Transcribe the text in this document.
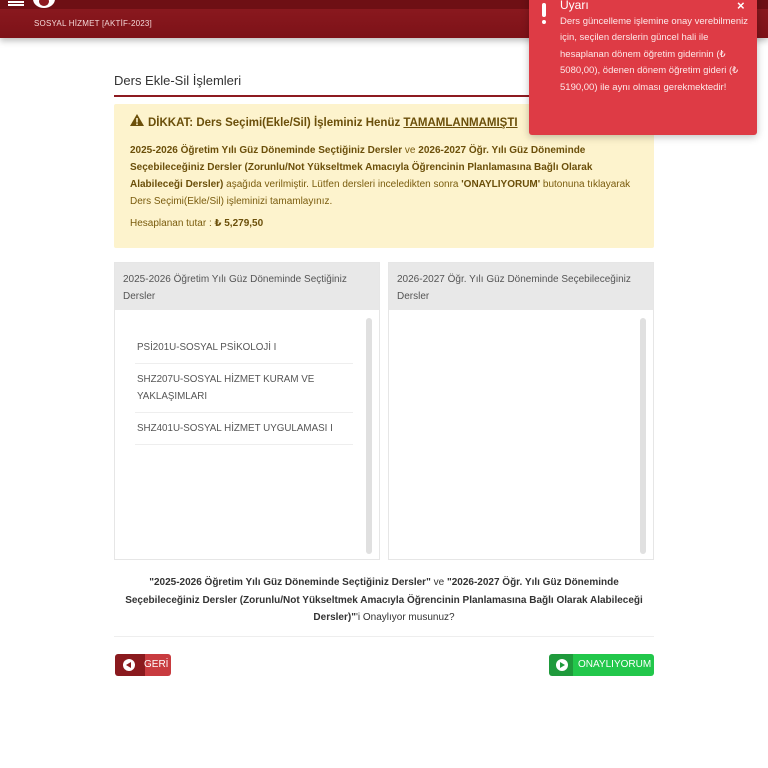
SOSYAL HİZMET [AKTİF-2023]
Ders Ekle-Sil İşlemleri
DİKKAT: Ders Seçimi(Ekle/Sil) İşleminiz Henüz TAMAMLANMAMIŞTI
2025-2026 Öğretim Yılı Güz Döneminde Seçtiğiniz Dersler ve 2026-2027 Öğr. Yılı Güz Döneminde Seçebileceğiniz Dersler (Zorunlu/Not Yükseltmek Amacıyla Öğrencinin Planlamasına Bağlı Olarak Alabileceği Dersler) aşağıda verilmiştir. Lütfen dersleri inceledikten sonra 'ONAYLIYORUM' butonuna tıklayarak Ders Seçimi(Ekle/Sil) işleminizi tamamlayınız.
Hesaplanan tutar : ₺ 5,279,50
2025-2026 Öğretim Yılı Güz Döneminde Seçtiğiniz Dersler
PSİ201U-SOSYAL PSİKOLOJİ I
SHZ207U-SOSYAL HİZMET KURAM VE YAKLAŞIMLARI
SHZ401U-SOSYAL HİZMET UYGULAMASI I
2026-2027 Öğr. Yılı Güz Döneminde Seçebileceğiniz Dersler
"2025-2026 Öğretim Yılı Güz Döneminde Seçtiğiniz Dersler" ve "2026-2027 Öğr. Yılı Güz Döneminde Seçebileceğiniz Dersler (Zorunlu/Not Yükseltmek Amacıyla Öğrencinin Planlamasına Bağlı Olarak Alabileceği Dersler)"'i Onaylıyor musunuz?
GERİ	ONAYLIYORUM
Uyarı	×
Ders güncelleme işlemine onay verebilmeniz için, seçilen derslerin güncel hali ile hesaplanan dönem öğretim giderinin (₺ 5080,00), ödenen dönem öğretim gideri (₺ 5190,00) ile aynı olması gerekmektedir!
